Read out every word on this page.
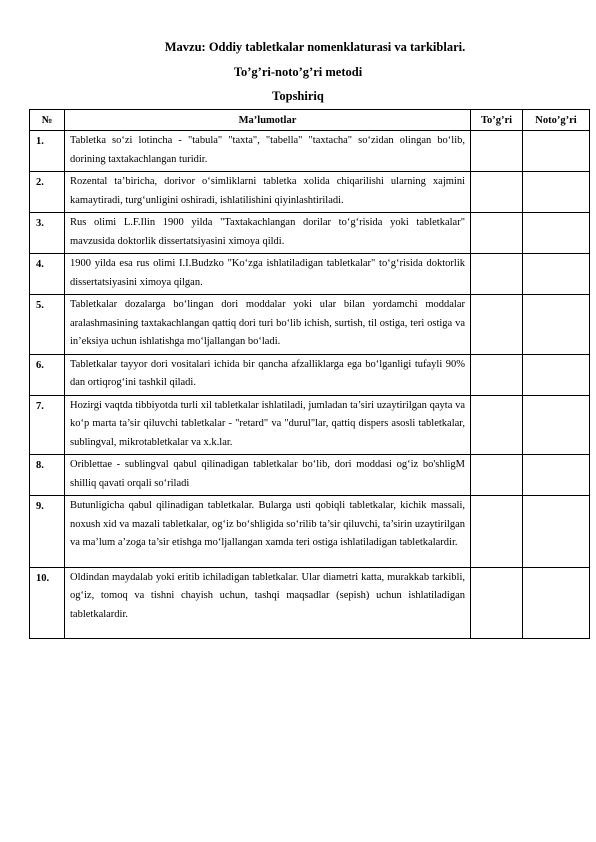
Mavzu: Oddiy tabletkalar nomenklaturasi va tarkiblari.
To’g’ri-noto’g’ri metodi
Topshiriq
№	Ma’lumotlar	To’g’ri	Noto’g’ri
1.	Tabletka so‘zi lotincha - "tabula" "taxta", "tabella" "taxtacha" so‘zidan olingan bo‘lib, dorining taxtakachlangan turidir.		
2.	Rozental ta’biricha, dorivor o‘simliklarni tabletka xolida chiqarilishi ularning xajmini kamaytiradi, turg‘unligini oshiradi, ishlatilishini qiyinlashtiriladi.		
3.	Rus olimi L.F.Ilin 1900 yilda "Taxtakachlangan dorilar to‘g‘risida yoki tabletkalar" mavzusida doktorlik dissertatsiyasini ximoya qildi.		
4.	1900 yilda esa rus olimi I.I.Budzko "Ko‘zga ishlatiladigan tabletkalar" to‘g‘risida doktorlik dissertatsiyasini ximoya qilgan.		
5.	Tabletkalar dozalarga bo‘lingan dori moddalar yoki ular bilan yordamchi moddalar aralashmasining taxtakachlangan qattiq dori turi bo‘lib ichish, surtish, til ostiga, teri ostiga va in’eksiya uchun ishlatishga mo‘ljallangan bo‘ladi.		
6.	Tabletkalar tayyor dori vositalari ichida bir qancha afzalliklarga ega bo‘lganligi tufayli 90% dan ortiqrog‘ini tashkil qiladi.		
7.	Hozirgi vaqtda tibbiyotda turli xil tabletkalar ishlatiladi, jumladan ta’siri uzaytirilgan qayta va ko‘p marta ta’sir qiluvchi tabletkalar - "retard" va "durul"lar, qattiq dispers asosli tabletkalar, sublingval, mikrotabletkalar va x.k.lar.		
8.	Oriblettae - sublingval qabul qilinadigan tabletkalar bo‘lib, dori moddasi og‘iz bo'shligM shilliq qavati orqali so‘riladi		
9.	Butunligicha qabul qilinadigan tabletkalar. Bularga usti qobiqli tabletkalar, kichik massali, noxush xid va mazali tabletkalar, og‘iz bo‘shligida so‘rilib ta’sir qiluvchi, ta’sirin uzaytirilgan va ma’lum a’zoga ta’sir etishga mo‘ljallangan xamda teri ostiga ishlatiladigan tabletkalardir.

10.	Oldindan maydalab yoki eritib ichiladigan tabletkalar. Ular diametri katta, murakkab tarkibli, og‘iz, tomoq va tishni chayish uchun, tashqi maqsadlar (sepish) uchun ishlatiladigan tabletkalardir.
